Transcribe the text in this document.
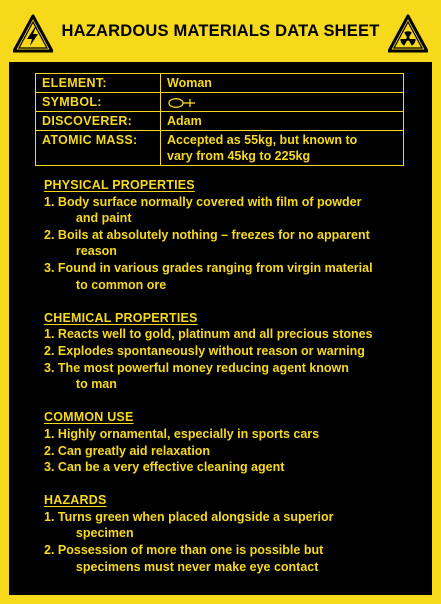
HAZARDOUS MATERIALS DATA SHEET
ELEMENT:	Woman
SYMBOL:	

DISCOVERER:	Adam
ATOMIC MASS:	Accepted as 55kg, but known to
vary from 45kg to 225kg
PHYSICAL PROPERTIES
1.
Body surface normally covered with film of powder
and paint
2.
Boils at absolutely nothing – freezes for no apparent
reason
3.
Found in various grades ranging from virgin material
to common ore
CHEMICAL PROPERTIES
1.
Reacts well to gold, platinum and all precious stones
2.
Explodes spontaneously without reason or warning
3.
The most powerful money reducing agent known
to man
COMMON USE
1.
Highly ornamental, especially in sports cars
2.
Can greatly aid relaxation
3.
Can be a very effective cleaning agent
HAZARDS
1.
Turns green when placed alongside a superior
specimen
2.
Possession of more than one is possible but
specimens must never make eye contact
